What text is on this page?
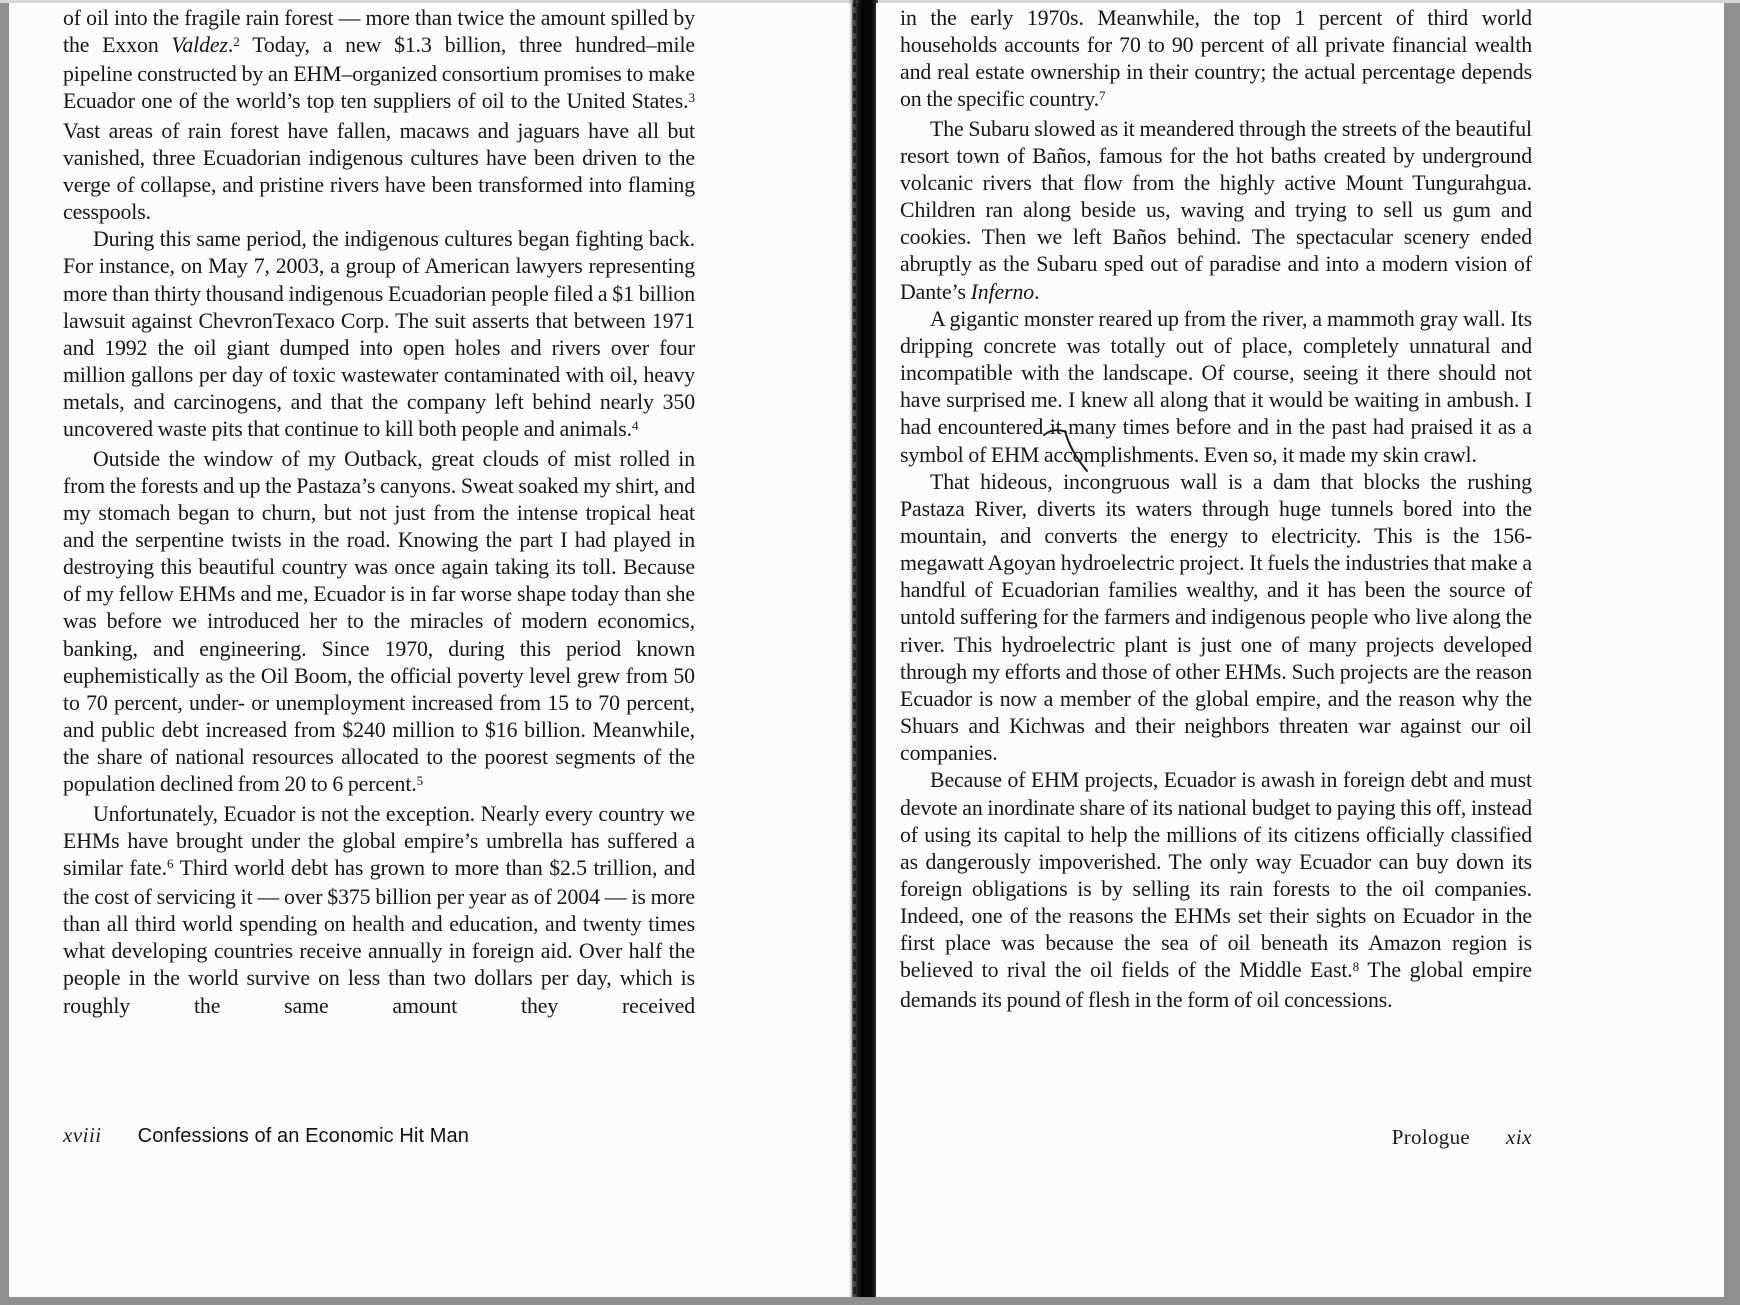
of oil into the fragile rain forest — more than twice the amount spilled by the Exxon Valdez.$^2$ Today, a new $1.3 billion, three hundred–mile pipeline constructed by an EHM–organized consortium promises to make Ecuador one of the world’s top ten suppliers of oil to the United States.$^3$ Vast areas of rain forest have fallen, macaws and jaguars have all but vanished, three Ecuadorian indigenous cultures have been driven to the verge of collapse, and pristine rivers have been transformed into flaming cesspools.

During this same period, the indigenous cultures began fighting back. For instance, on May 7, 2003, a group of American lawyers representing more than thirty thousand indigenous Ecuadorian people filed a $1 billion lawsuit against ChevronTexaco Corp. The suit asserts that between 1971 and 1992 the oil giant dumped into open holes and rivers over four million gallons per day of toxic wastewater contaminated with oil, heavy metals, and carcinogens, and that the company left behind nearly 350 uncovered waste pits that continue to kill both people and animals.$^4$

Outside the window of my Outback, great clouds of mist rolled in from the forests and up the Pastaza’s canyons. Sweat soaked my shirt, and my stomach began to churn, but not just from the intense tropical heat and the serpentine twists in the road. Knowing the part I had played in destroying this beautiful country was once again taking its toll. Because of my fellow EHMs and me, Ecuador is in far worse shape today than she was before we introduced her to the miracles of modern economics, banking, and engineering. Since 1970, during this period known euphemistically as the Oil Boom, the official poverty level grew from 50 to 70 percent, under- or unemployment increased from 15 to 70 percent, and public debt increased from $240 million to $16 billion. Meanwhile, the share of national resources allocated to the poorest segments of the population declined from 20 to 6 percent.$^5$

Unfortunately, Ecuador is not the exception. Nearly every country we EHMs have brought under the global empire’s umbrella has suffered a similar fate.$^6$ Third world debt has grown to more than $2.5 trillion, and the cost of servicing it — over $375 billion per year as of 2004 — is more than all third world spending on health and education, and twenty times what developing countries receive annually in foreign aid. Over half the people in the world survive on less than two dollars per day, which is roughly the same amount they received

xviii Confessions of an Economic Hit Man

in the early 1970s. Meanwhile, the top 1 percent of third world households accounts for 70 to 90 percent of all private financial wealth and real estate ownership in their country; the actual percentage depends on the specific country.$^7$

The Subaru slowed as it meandered through the streets of the beautiful resort town of Baños, famous for the hot baths created by underground volcanic rivers that flow from the highly active Mount Tungurahgua. Children ran along beside us, waving and trying to sell us gum and cookies. Then we left Baños behind. The spectacular scenery ended abruptly as the Subaru sped out of paradise and into a modern vision of Dante’s Inferno.

A gigantic monster reared up from the river, a mammoth gray wall. Its dripping concrete was totally out of place, completely unnatural and incompatible with the landscape. Of course, seeing it there should not have surprised me. I knew all along that it would be waiting in ambush. I had encountered it many times before and in the past had praised it as a symbol of EHM accomplishments. Even so, it made my skin crawl.

That hideous, incongruous wall is a dam that blocks the rushing Pastaza River, diverts its waters through huge tunnels bored into the mountain, and converts the energy to electricity. This is the 156-megawatt Agoyan hydroelectric project. It fuels the industries that make a handful of Ecuadorian families wealthy, and it has been the source of untold suffering for the farmers and indigenous people who live along the river. This hydroelectric plant is just one of many projects developed through my efforts and those of other EHMs. Such projects are the reason Ecuador is now a member of the global empire, and the reason why the Shuars and Kichwas and their neighbors threaten war against our oil companies.

Because of EHM projects, Ecuador is awash in foreign debt and must devote an inordinate share of its national budget to paying this off, instead of using its capital to help the millions of its citizens officially classified as dangerously impoverished. The only way Ecuador can buy down its foreign obligations is by selling its rain forests to the oil companies. Indeed, one of the reasons the EHMs set their sights on Ecuador in the first place was because the sea of oil beneath its Amazon region is believed to rival the oil fields of the Middle East.$^8$ The global empire demands its pound of flesh in the form of oil concessions.

Prologue xix
